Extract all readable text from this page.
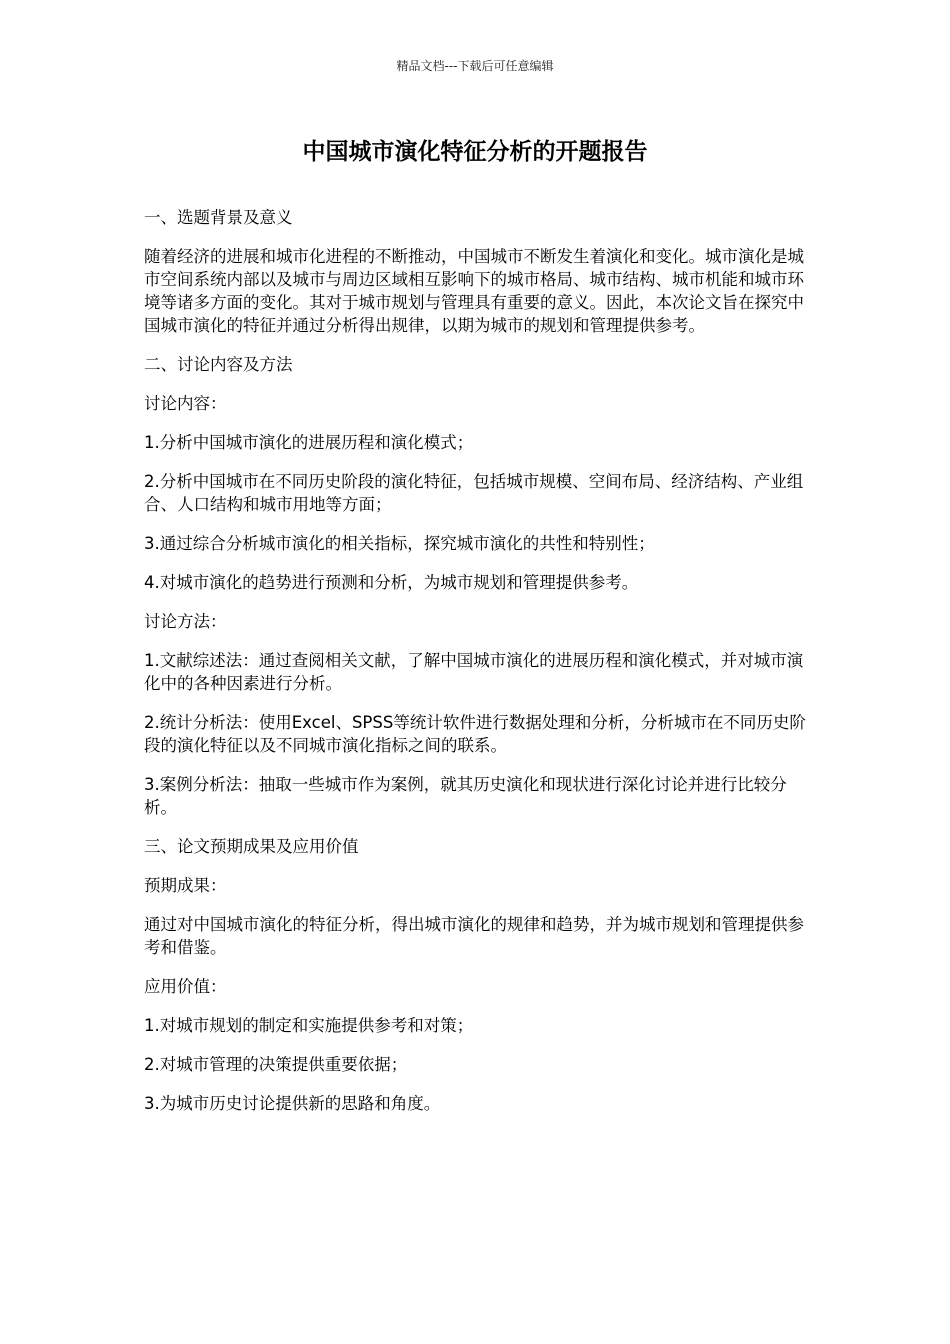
精品文档---下载后可任意编辑
中国城市演化特征分析的开题报告

一、选题背景及意义

随着经济的进展和城市化进程的不断推动，中国城市不断发生着演化和变化。城市演化是城市空间系统内部以及城市与周边区域相互影响下的城市格局、城市结构、城市机能和城市环境等诸多方面的变化。其对于城市规划与管理具有重要的意义。因此，本次论文旨在探究中国城市演化的特征并通过分析得出规律，以期为城市的规划和管理提供参考。

二、讨论内容及方法

讨论内容：

1.分析中国城市演化的进展历程和演化模式；

2.分析中国城市在不同历史阶段的演化特征，包括城市规模、空间布局、经济结构、产业组合、人口结构和城市用地等方面；

3.通过综合分析城市演化的相关指标，探究城市演化的共性和特别性；

4.对城市演化的趋势进行预测和分析，为城市规划和管理提供参考。

讨论方法：

1.文献综述法：通过查阅相关文献，了解中国城市演化的进展历程和演化模式，并对城市演化中的各种因素进行分析。

2.统计分析法：使用Excel、SPSS等统计软件进行数据处理和分析，分析城市在不同历史阶段的演化特征以及不同城市演化指标之间的联系。

3.案例分析法：抽取一些城市作为案例，就其历史演化和现状进行深化讨论并进行比较分析。

三、论文预期成果及应用价值

预期成果：

通过对中国城市演化的特征分析，得出城市演化的规律和趋势，并为城市规划和管理提供参考和借鉴。

应用价值：

1.对城市规划的制定和实施提供参考和对策；

2.对城市管理的决策提供重要依据；

3.为城市历史讨论提供新的思路和角度。
